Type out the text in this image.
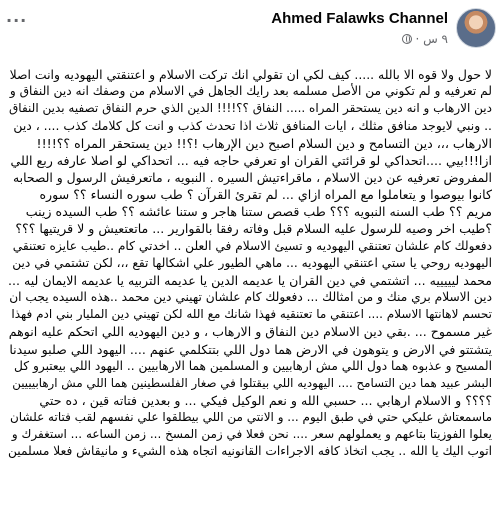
Ahmed Falawks Channel
٩ س ·
···
لا حول ولا قوه الا بالله ..... كيف لكي ان تقولي انك تركت الاسلام و اعتنقتي اليهوديه وانت اصلا
لم تعرفيه و لم تكوني من الأصل مسلمه بعد رايك الجاهل في الاسلام من وصفك انه دين النفاق و
دين الارهاب و انه دين يستحقر المراه ..... النفاق ؟؟!!!! الدين الذي حرم النفاق تصفيه بدين النفاق
.. ونبي لايوجد منافق مثلك ، ايات المنافق ثلاث اذا تحدث كذب و انت كل كلامك كذب .... ، دين
الارهاب ،،، دين التسامح و دين السلام اصبح دين الإرهاب !؟!! دين يستحقر المراه ؟؟!!!!
ازا!!!بيي ....اتحداكي لو قرائتي القران او تعرفي حاجه فيه ... اتحداكي لو اصلا عارفه ربع اللي
المفروض تعرفيه عن دين الاسلام ، ماقراءتيش السيره . النبويه ، ماتعرفيش الرسول و الصحابه
كانوا بيوصوا و يتعاملوا مع المراه ازاي ... لم تقرئ القرآن ؟ طب سوره النساء ؟؟ سوره
مريم ؟؟ طب السنه النبويه ؟؟؟ طب قصص ستنا هاجر و ستنا عائشه ؟؟ طب السيده زينب
؟طيب اخر وصيه للرسول عليه السلام قبل وفاته رفقا بالقوارير ... ماتعتعيش و لا قريتيها ؟؟؟
دفعولك كام علشان تعتنقي اليهوديه و تسيئ الاسلام في العلن .. اخدتي كام ..طيب عايزه تعتنقي
اليهوديه روحي يا ستي اعتنقي اليهوديه ... ماهي الطيور علي اشكالها تقع ،،، لكن تشتمي في دين
محمد ليييييه ... اتشتمي في دين القران يا عديمه الدين يا عديمه التربيه يا عديمه الايمان ليه ...
دين الاسلام بري منك و من امثالك ... دفعولك كام علشان تهيني دين محمد ..هذه السيده يجب ان
تحسم لاهانتها الاسلام .... اعتنقي ما تعتنقيه فهذا شانك مع الله لكن تهيني دين المليار بني ادم فهذا
غير مسموح ... .بقي دين الاسلام دين النفاق و الارهاب ، و دين اليهوديه اللي اتحكم عليه انوهم
يتشتتو في الارض و يتوهون في الارض هما دول اللي بتتكلمي عنهم .... اليهود اللي صلبو سيدنا
المسيح و عذبوه هما دول اللي مش ارهابيين و المسلمين هما الارهابيين .. اليهود اللي بيعتبرو كل
البشر عبيد هما دين التسامح .... اليهوديه اللي بيقتلوا في صغار الفلسطينين هما اللي مش ارهابيييين
؟؟؟؟ و الاسلام ارهابي ... حسبي الله و نعم الوكيل فيكي ... و بعدين فتاته قين ، ده حتي
ماسمعتاش عليكي حتي في طبق اليوم ... و الانتي من اللي بيطلقوا علي نفسهم لقب فتاته علشان
يعلوا الفوزيتا بتاعهم و يعملولهم سعر .... نحن فعلا في زمن المسخ ... زمن الساعه ... استغفرك و
اتوب اليك يا الله .. يجب اتخاذ كافه الاجراءات القانونيه اتجاه هذه الشيء و مانيقاش فعلا مسلمين
